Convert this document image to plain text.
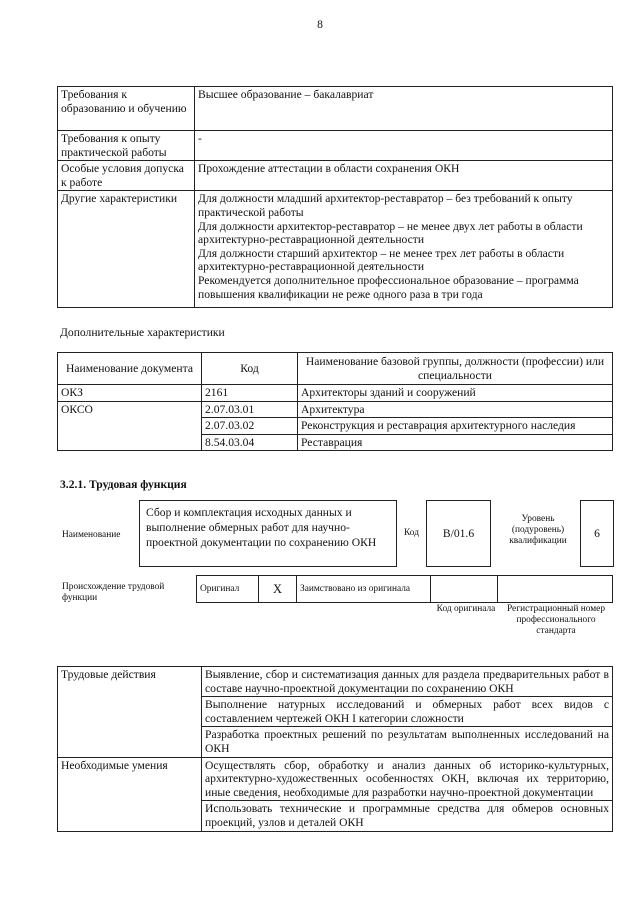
8
Требования к образованию и обучению	Высшее образование – бакалавриат
Требования к опыту практической работы	-
Особые условия допуска к работе	Прохождение аттестации в области сохранения ОКН
Другие характеристики	Для должности младший архитектор-реставратор – без требований к опыту практической работы
Для должности архитектор-реставратор – не менее двух лет работы в области архитектурно-реставрационной деятельности
Для должности старший архитектор – не менее трех лет работы в области архитектурно-реставрационной деятельности
Рекомендуется дополнительное профессиональное образование – программа повышения квалификации не реже одного раза в три года
Дополнительные характеристики
Наименование документа	Код	Наименование базовой группы, должности (профессии) или специальности
ОКЗ	2161	Архитекторы зданий и сооружений
ОКСО	2.07.03.01	Архитектура
	2.07.03.02	Реконструкция и реставрация архитектурного наследия
	8.54.03.04	Реставрация
3.2.1. Трудовая функция
Наименование
Сбор и комплектация исходных данных и выполнение обмерных работ для научно-проектной документации по сохранению ОКН
Код B/01.6
Уровень (подуровень) квалификации
6
Происхождение трудовой функции
Оригинал	X	Заимствовано из оригинала		
Код оригинала	Регистрационный номер профессионального стандарта
Трудовые действия	Выявление, сбор и систематизация данных для раздела предварительных работ в составе научно-проектной документации по сохранению ОКН

	Выполнение натурных исследований и обмерных работ всех видов с составлением чертежей ОКН I категории сложности

	Разработка проектных решений по результатам выполненных исследований на ОКН

Необходимые умения	Осуществлять сбор, обработку и анализ данных об историко-культурных, архитектурно-художественных особенностях ОКН, включая их территорию, иные сведения, необходимые для разработки научно-проектной документации

	Использовать технические и программные средства для обмеров основных проекций, узлов и деталей ОКН
